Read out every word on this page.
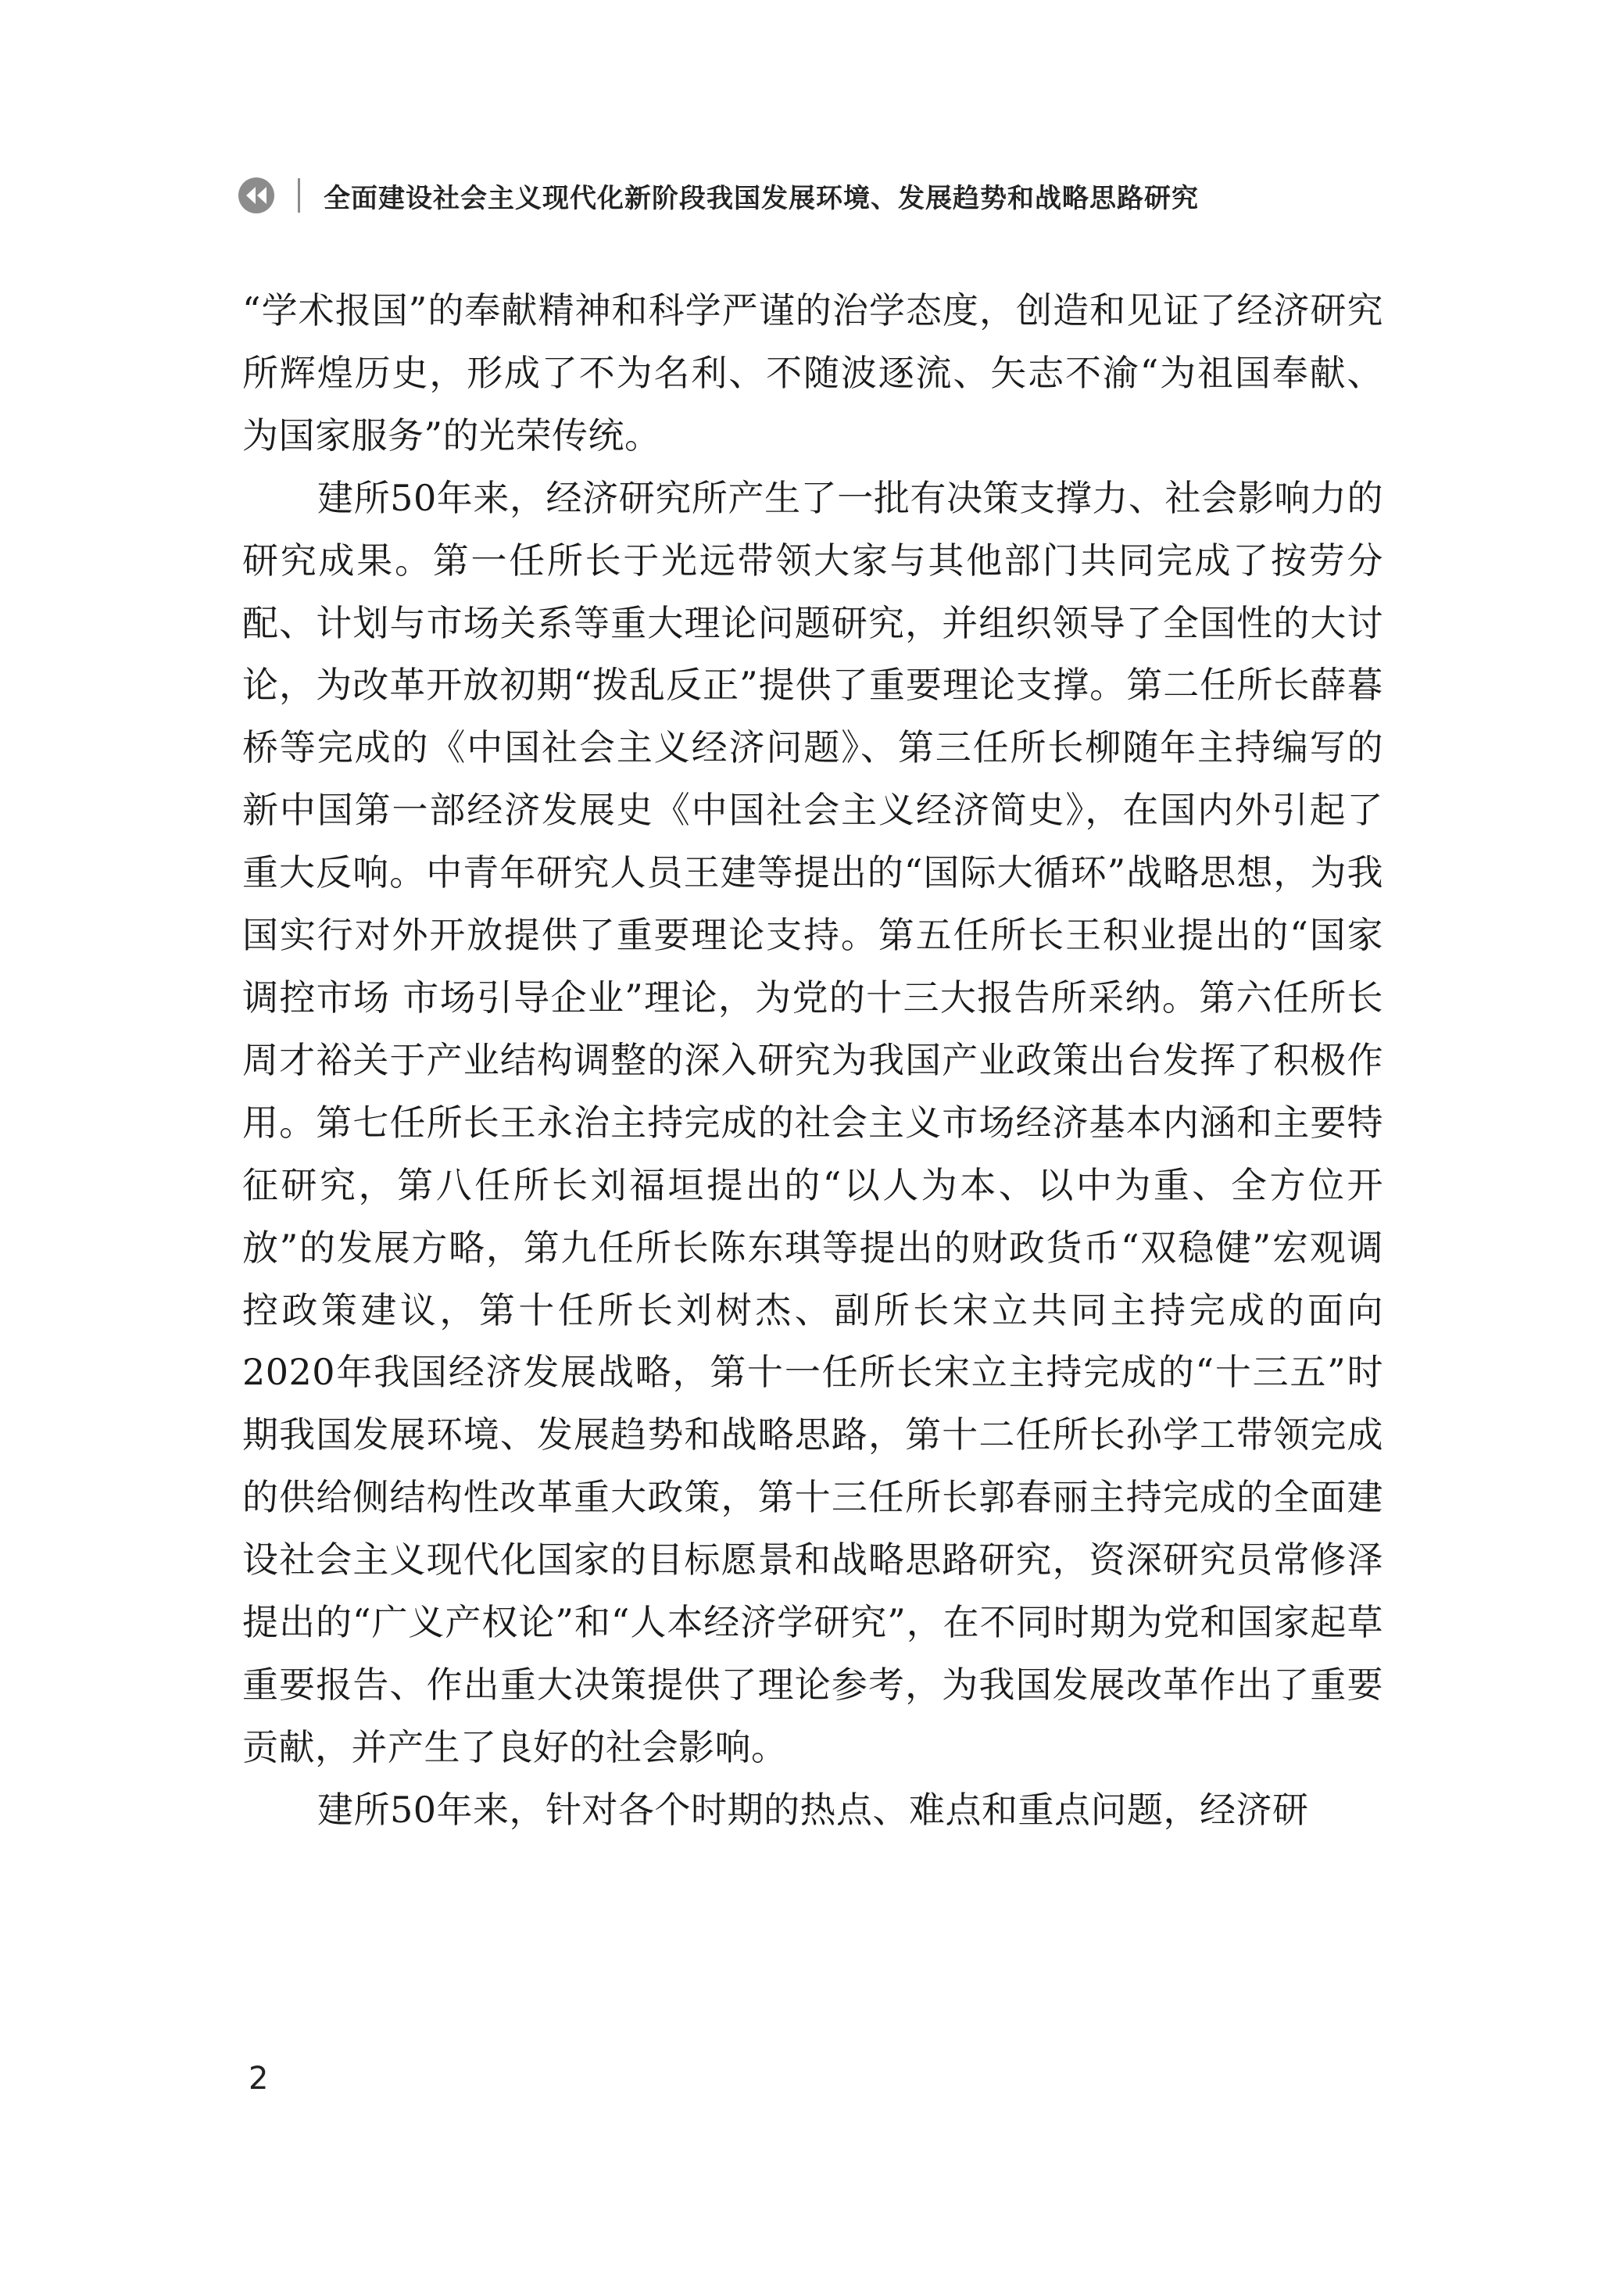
全面建设社会主义现代化新阶段我国发展环境、发展趋势和战略思路研究

“学术报国”的奉献精神和科学严谨的治学态度，创造和见证了经济研究所辉煌历史，形成了不为名利、不随波逐流、矢志不渝“为祖国奉献、为国家服务”的光荣传统。

建所50年来，经济研究所产生了一批有决策支撑力、社会影响力的研究成果。第一任所长于光远带领大家与其他部门共同完成了按劳分配、计划与市场关系等重大理论问题研究，并组织领导了全国性的大讨论，为改革开放初期“拨乱反正”提供了重要理论支撑。第二任所长薛暮桥等完成的《中国社会主义经济问题》、第三任所长柳随年主持编写的新中国第一部经济发展史《中国社会主义经济简史》，在国内外引起了重大反响。中青年研究人员王建等提出的“国际大循环”战略思想，为我国实行对外开放提供了重要理论支持。第五任所长王积业提出的“国家调控市场 市场引导企业”理论，为党的十三大报告所采纳。第六任所长周才裕关于产业结构调整的深入研究为我国产业政策出台发挥了积极作用。第七任所长王永治主持完成的社会主义市场经济基本内涵和主要特征研究，第八任所长刘福垣提出的“以人为本、以中为重、全方位开放”的发展方略，第九任所长陈东琪等提出的财政货币“双稳健”宏观调控政策建议，第十任所长刘树杰、副所长宋立共同主持完成的面向2020年我国经济发展战略，第十一任所长宋立主持完成的“十三五”时期我国发展环境、发展趋势和战略思路，第十二任所长孙学工带领完成的供给侧结构性改革重大政策，第十三任所长郭春丽主持完成的全面建设社会主义现代化国家的目标愿景和战略思路研究，资深研究员常修泽提出的“广义产权论”和“人本经济学研究”，在不同时期为党和国家起草重要报告、作出重大决策提供了理论参考，为我国发展改革作出了重要贡献，并产生了良好的社会影响。

建所50年来，针对各个时期的热点、难点和重点问题，经济研

2
